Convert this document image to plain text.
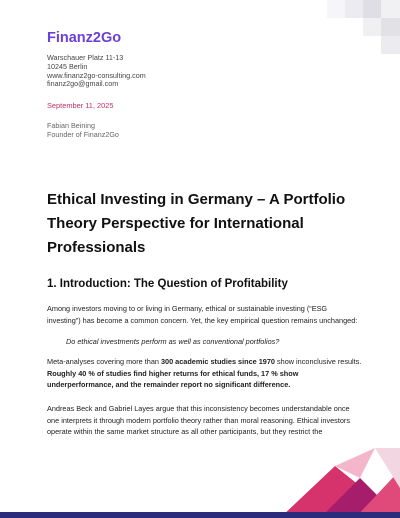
Finanz2Go
Warschauer Platz 11-13
10245 Berlin
www.finanz2go-consulting.com
finanz2go@gmail.com
September 11, 2025
Fabian Beining
Founder of Finanz2Go
Ethical Investing in Germany – A Portfolio Theory Perspective for International Professionals
1. Introduction: The Question of Profitability
Among investors moving to or living in Germany, ethical or sustainable investing (“ESG investing”) has become a common concern. Yet, the key empirical question remains unchanged:
Do ethical investments perform as well as conventional portfolios?
Meta-analyses covering more than 300 academic studies since 1970 show inconclusive results. Roughly 40 % of studies find higher returns for ethical funds, 17 % show underperformance, and the remainder report no significant difference.
Andreas Beck and Gabriel Layes argue that this inconsistency becomes understandable once one interprets it through modern portfolio theory rather than moral reasoning. Ethical investors operate within the same market structure as all other participants, but they restrict the
